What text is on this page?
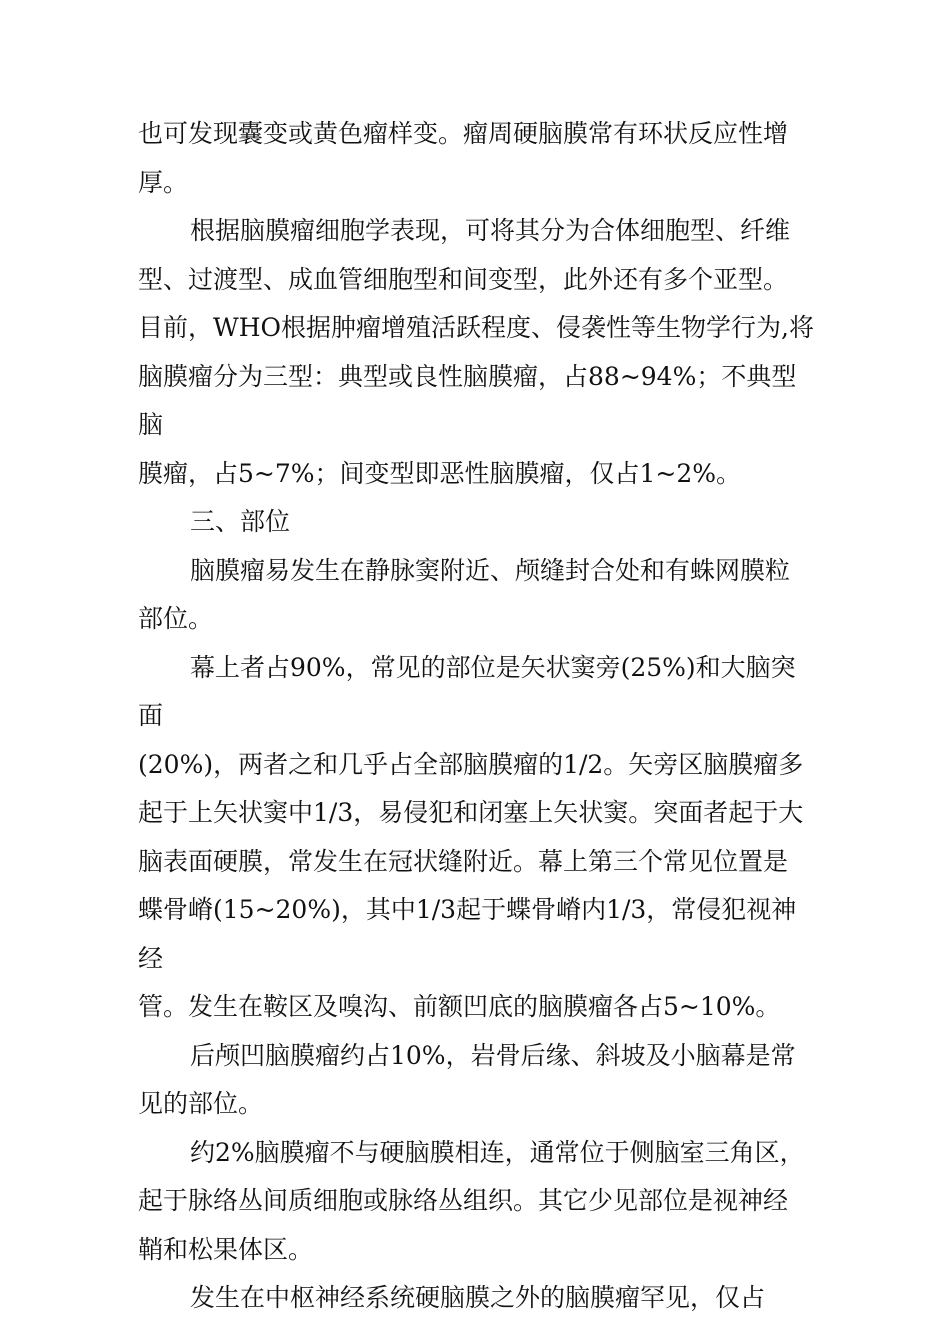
也可发现囊变或黄色瘤样变。瘤周硬脑膜常有环状反应性增
厚。

根据脑膜瘤细胞学表现，可将其分为合体细胞型、纤维
型、过渡型、成血管细胞型和间变型，此外还有多个亚型。
目前，WHO根据肿瘤增殖活跃程度、侵袭性等生物学行为,将
脑膜瘤分为三型：典型或良性脑膜瘤，占88~94%；不典型脑
膜瘤，占5~7%；间变型即恶性脑膜瘤，仅占1~2%。

三、部位

脑膜瘤易发生在静脉窦附近、颅缝封合处和有蛛网膜粒
部位。

幕上者占90%，常见的部位是矢状窦旁(25%)和大脑突面
(20%)，两者之和几乎占全部脑膜瘤的1/2。矢旁区脑膜瘤多
起于上矢状窦中1/3，易侵犯和闭塞上矢状窦。突面者起于大
脑表面硬膜，常发生在冠状缝附近。幕上第三个常见位置是
蝶骨嵴(15~20%)，其中1/3起于蝶骨嵴内1/3，常侵犯视神经
管。发生在鞍区及嗅沟、前额凹底的脑膜瘤各占5~10%。

后颅凹脑膜瘤约占10%，岩骨后缘、斜坡及小脑幕是常
见的部位。

约2%脑膜瘤不与硬脑膜相连，通常位于侧脑室三角区，
起于脉络丛间质细胞或脉络丛组织。其它少见部位是视神经
鞘和松果体区。

发生在中枢神经系统硬脑膜之外的脑膜瘤罕见，仅占
